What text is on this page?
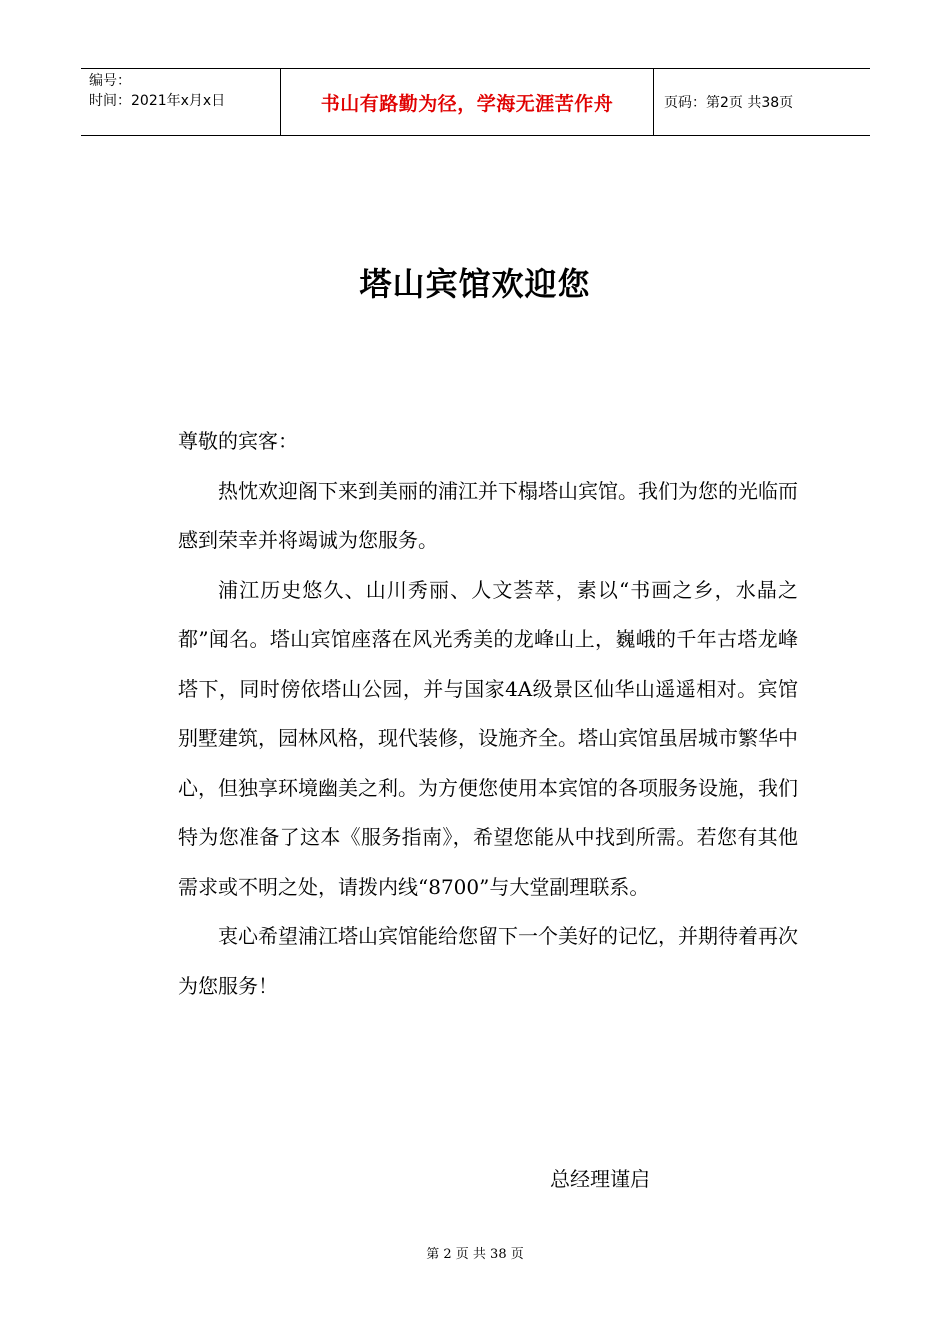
编号：
时间：2021年x月x日	书山有路勤为径，学海无涯苦作舟	页码：第2页 共38页
塔山宾馆欢迎您

尊敬的宾客：

热忱欢迎阁下来到美丽的浦江并下榻塔山宾馆。我们为您的光临而感到荣幸并将竭诚为您服务。

浦江历史悠久、山川秀丽、人文荟萃，素以“书画之乡，水晶之都”闻名。塔山宾馆座落在风光秀美的龙峰山上，巍峨的千年古塔龙峰塔下，同时傍依塔山公园，并与国家4A级景区仙华山遥遥相对。宾馆别墅建筑，园林风格，现代装修，设施齐全。塔山宾馆虽居城市繁华中心，但独享环境幽美之利。为方便您使用本宾馆的各项服务设施，我们特为您准备了这本《服务指南》，希望您能从中找到所需。若您有其他需求或不明之处，请拨内线“8700”与大堂副理联系。

衷心希望浦江塔山宾馆能给您留下一个美好的记忆，并期待着再次为您服务！

总经理谨启
第 2 页 共 38 页
